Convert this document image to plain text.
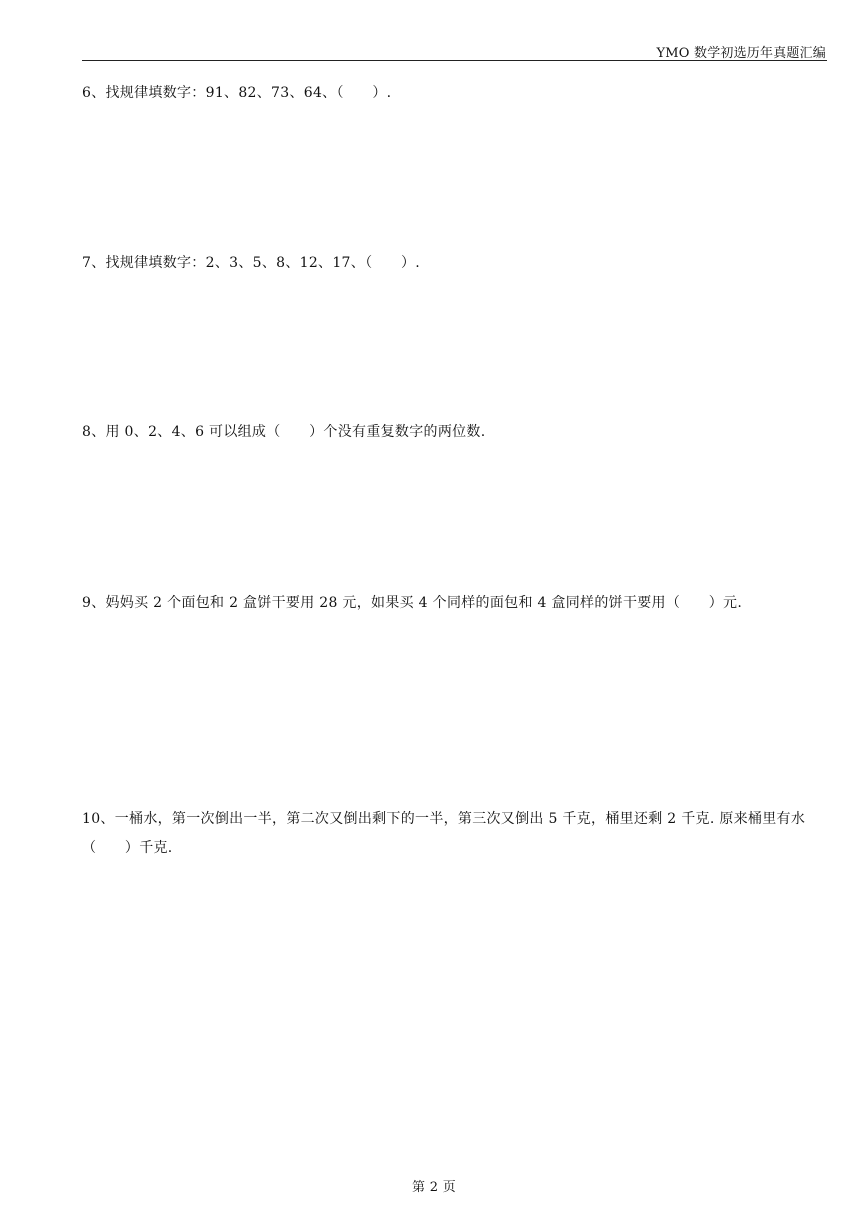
YMO 数学初选历年真题汇编
6、找规律填数字：91、82、73、64、（　　）.
7、找规律填数字：2、3、5、8、12、17、（　　）.
8、用 0、2、4、6 可以组成（　　）个没有重复数字的两位数.
9、妈妈买 2 个面包和 2 盒饼干要用 28 元，如果买 4 个同样的面包和 4 盒同样的饼干要用（　　）元.
10、一桶水，第一次倒出一半，第二次又倒出剩下的一半，第三次又倒出 5 千克，桶里还剩 2 千克. 原来桶里有水（　　）千克.
第 2 页
